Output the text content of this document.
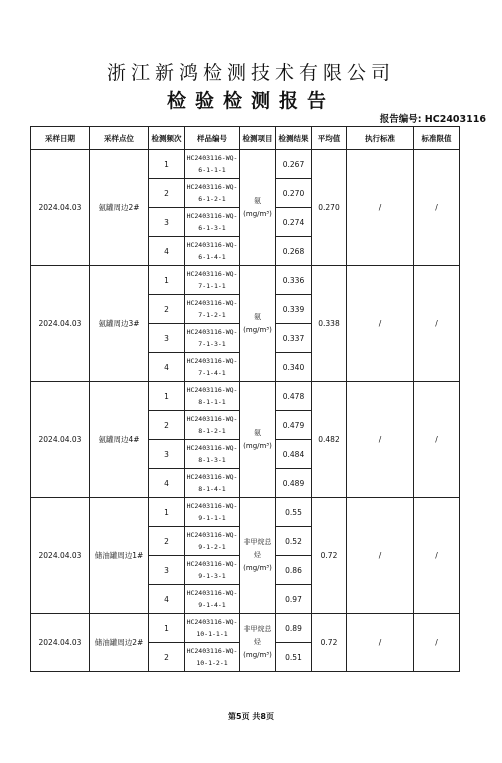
浙江新鸿检测技术有限公司
检验检测报告
报告编号: HC2403116
采样日期	采样点位	检测频次	样品编号	检测项目	检测结果	平均值	执行标准	标准限值
2024.04.03	氨罐周边2#	1	HC2403116-WQ-
6-1-1-1	氨
(mg/m³)	0.267	0.270	/	/
		2	HC2403116-WQ-
6-1-2-1		0.270			
		3	HC2403116-WQ-
6-1-3-1		0.274			
		4	HC2403116-WQ-
6-1-4-1		0.268			
2024.04.03	氨罐周边3#	1	HC2403116-WQ-
7-1-1-1	氨
(mg/m³)	0.336	0.338	/	/
		2	HC2403116-WQ-
7-1-2-1		0.339			
		3	HC2403116-WQ-
7-1-3-1		0.337			
		4	HC2403116-WQ-
7-1-4-1		0.340			
2024.04.03	氨罐周边4#	1	HC2403116-WQ-
8-1-1-1	氨
(mg/m³)	0.478	0.482	/	/
		2	HC2403116-WQ-
8-1-2-1		0.479			
		3	HC2403116-WQ-
8-1-3-1		0.484			
		4	HC2403116-WQ-
8-1-4-1		0.489			
2024.04.03	储油罐周边1#	1	HC2403116-WQ-
9-1-1-1	非甲烷总
烃
(mg/m³)	0.55	0.72	/	/
		2	HC2403116-WQ-
9-1-2-1		0.52			
		3	HC2403116-WQ-
9-1-3-1		0.86			
		4	HC2403116-WQ-
9-1-4-1		0.97			
2024.04.03	储油罐周边2#	1	HC2403116-WQ-
10-1-1-1	非甲烷总
烃
(mg/m³)	0.89	0.72	/	/
		2	HC2403116-WQ-
10-1-2-1		0.51			
第5页 共8页
